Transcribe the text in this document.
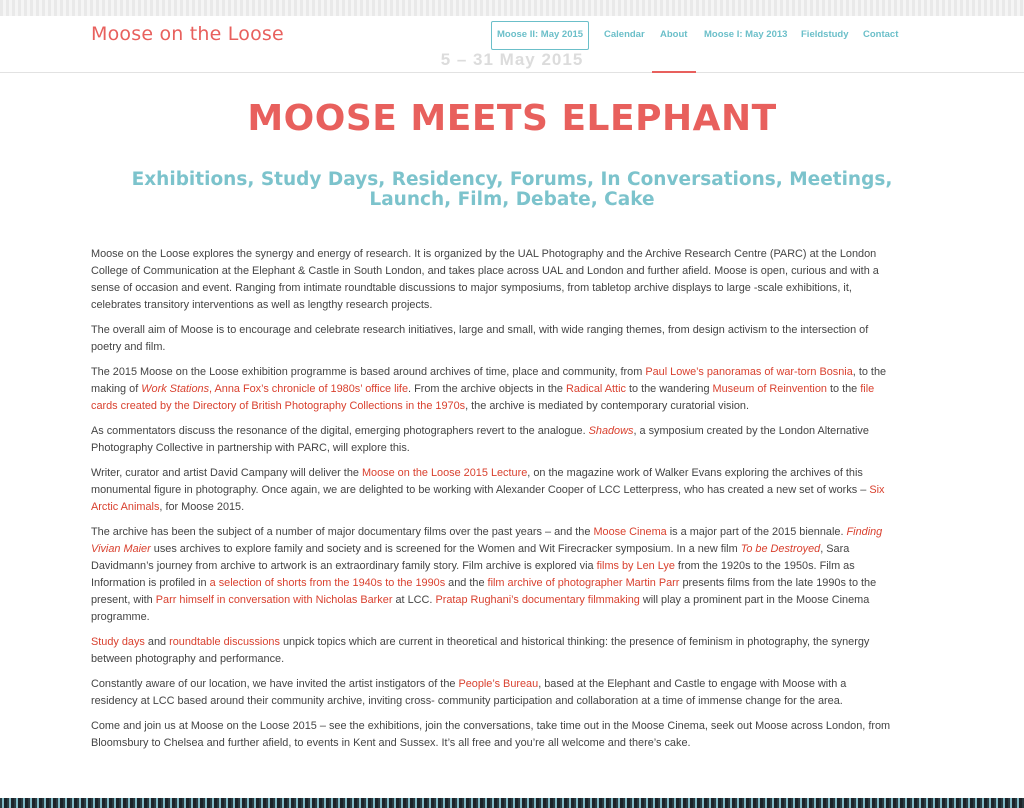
Moose on the Loose	Moose II: May 2015	Calendar About Moose I: May 2013 Fieldstudy Contact
5 – 31 May 2015
MOOSE MEETS ELEPHANT
Exhibitions, Study Days, Residency, Forums, In Conversations, Meetings, Launch, Film, Debate, Cake

Moose on the Loose explores the synergy and energy of research. It is organized by the UAL Photography and the Archive Research Centre (PARC) at the London College of Communication at the Elephant & Castle in South London, and takes place across UAL and London and further afield. Moose is open, curious and with a sense of occasion and event. Ranging from intimate roundtable discussions to major symposiums, from tabletop archive displays to large -scale exhibitions, it, celebrates transitory interventions as well as lengthy research projects.

The overall aim of Moose is to encourage and celebrate research initiatives, large and small, with wide ranging themes, from design activism to the intersection of poetry and film.

The 2015 Moose on the Loose exhibition programme is based around archives of time, place and community, from Paul Lowe’s panoramas of war-torn Bosnia, to the making of Work Stations, Anna Fox’s chronicle of 1980s’ office life. From the archive objects in the Radical Attic to the wandering Museum of Reinvention to the file cards created by the Directory of British Photography Collections in the 1970s, the archive is mediated by contemporary curatorial vision.

As commentators discuss the resonance of the digital, emerging photographers revert to the analogue. Shadows, a symposium created by the London Alternative Photography Collective in partnership with PARC, will explore this.

Writer, curator and artist David Campany will deliver the Moose on the Loose 2015 Lecture, on the magazine work of Walker Evans exploring the archives of this monumental figure in photography. Once again, we are delighted to be working with Alexander Cooper of LCC Letterpress, who has created a new set of works – Six Arctic Animals, for Moose 2015.

The archive has been the subject of a number of major documentary films over the past years – and the Moose Cinema is a major part of the 2015 biennale. Finding Vivian Maier uses archives to explore family and society and is screened for the Women and Wit Firecracker symposium. In a new film To be Destroyed, Sara Davidmann’s journey from archive to artwork is an extraordinary family story. Film archive is explored via films by Len Lye from the 1920s to the 1950s. Film as Information is profiled in a selection of shorts from the 1940s to the 1990s and the film archive of photographer Martin Parr presents films from the late 1990s to the present, with Parr himself in conversation with Nicholas Barker at LCC. Pratap Rughani’s documentary filmmaking will play a prominent part in the Moose Cinema programme.

Study days and roundtable discussions unpick topics which are current in theoretical and historical thinking: the presence of feminism in photography, the synergy between photography and performance.

Constantly aware of our location, we have invited the artist instigators of the People’s Bureau, based at the Elephant and Castle to engage with Moose with a residency at LCC based around their community archive, inviting cross- community participation and collaboration at a time of immense change for the area.

Come and join us at Moose on the Loose 2015 – see the exhibitions, join the conversations, take time out in the Moose Cinema, seek out Moose across London, from Bloomsbury to Chelsea and further afield, to events in Kent and Sussex. It’s all free and you’re all welcome and there’s cake.
